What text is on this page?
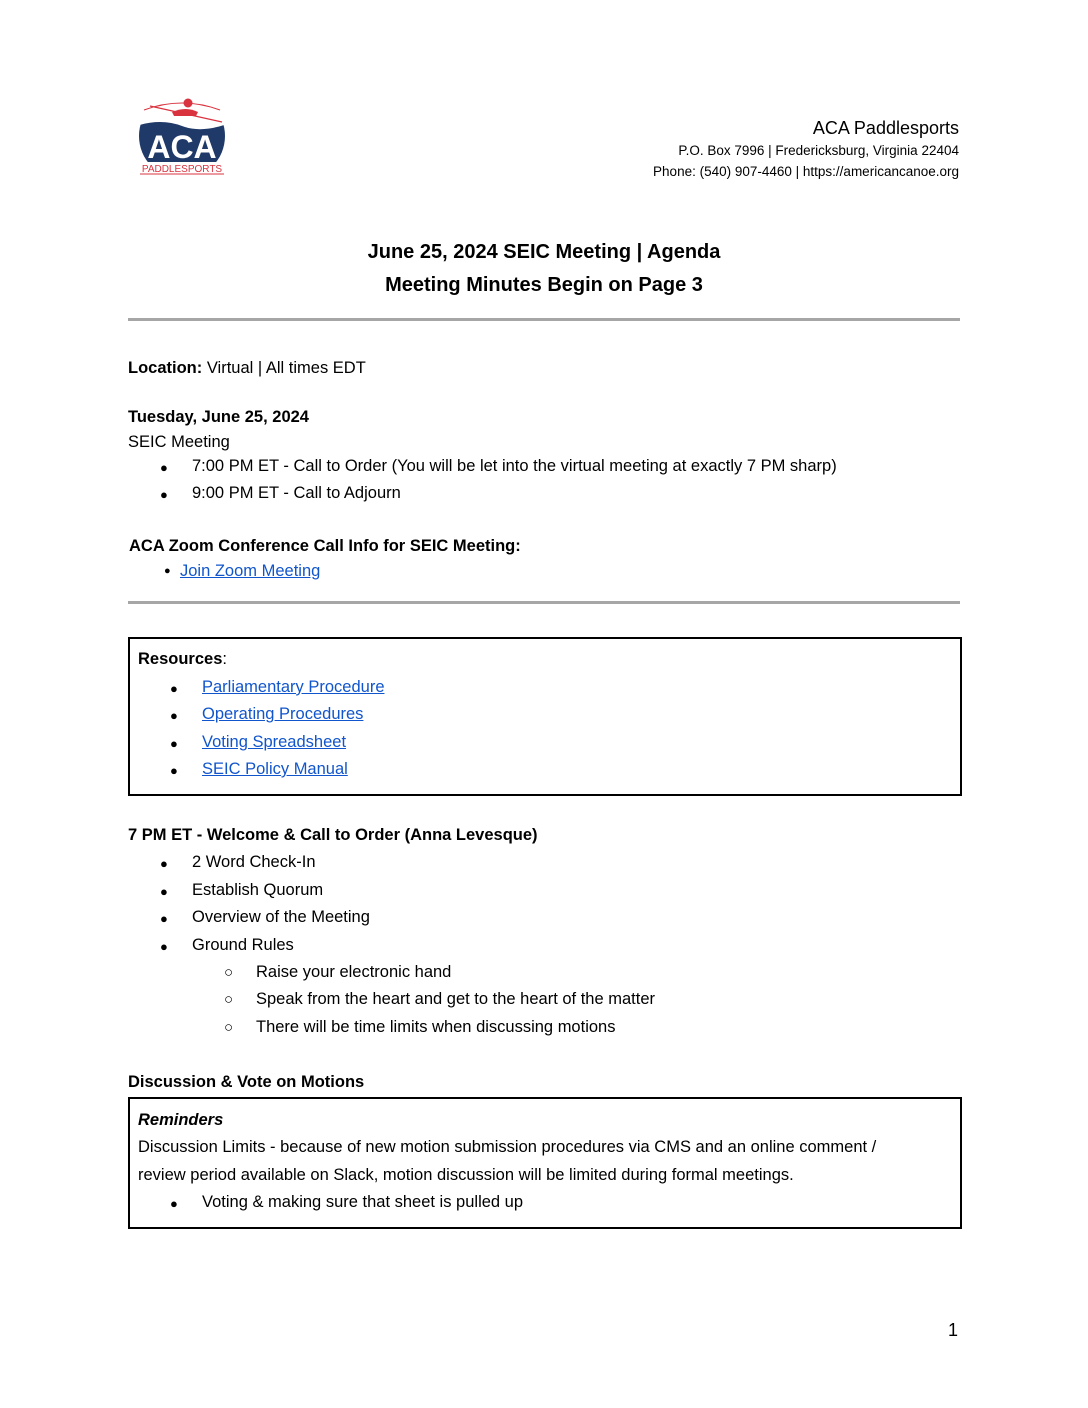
ACA
PADDLESPORTS
ACA Paddlesports
P.O. Box 7996 | Fredericksburg, Virginia 22404
Phone: (540) 907-4460 | https://americancanoe.org
June 25, 2024 SEIC Meeting | Agenda
Meeting Minutes Begin on Page 3
Location: Virtual | All times EDT
Tuesday, June 25, 2024
SEIC Meeting
● 7:00 PM ET - Call to Order (You will be let into the virtual meeting at exactly 7 PM sharp)
● 9:00 PM ET - Call to Adjourn
ACA Zoom Conference Call Info for SEIC Meeting:
● Join Zoom Meeting
Resources:
● Parliamentary Procedure
● Operating Procedures
● Voting Spreadsheet
● SEIC Policy Manual
7 PM ET - Welcome & Call to Order (Anna Levesque)
● 2 Word Check-In
● Establish Quorum
● Overview of the Meeting
● Ground Rules
○ Raise your electronic hand
○ Speak from the heart and get to the heart of the matter
○ There will be time limits when discussing motions
Discussion & Vote on Motions
Reminders
Discussion Limits - because of new motion submission procedures via CMS and an online comment /
review period available on Slack, motion discussion will be limited during formal meetings.
● Voting & making sure that sheet is pulled up
1
